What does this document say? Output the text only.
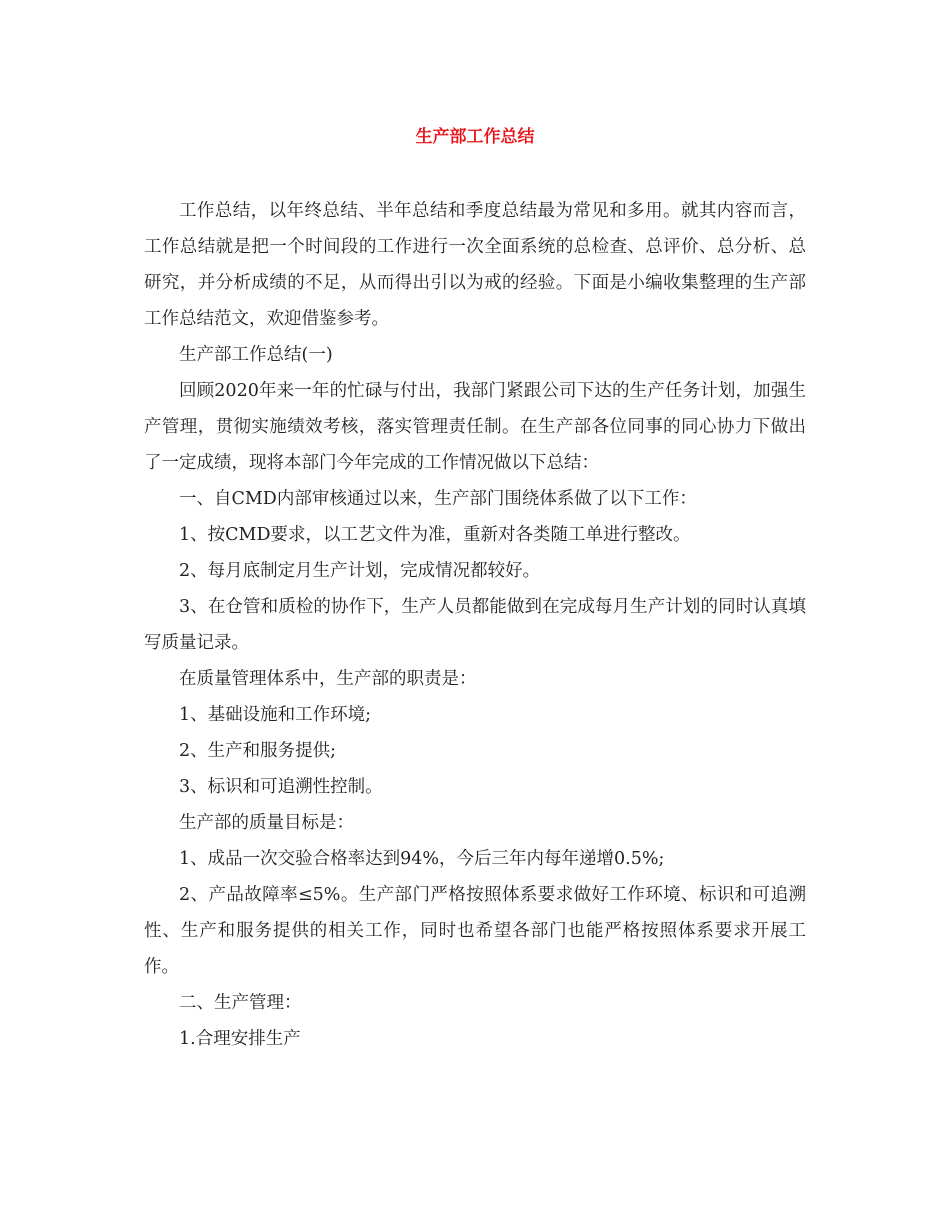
生产部工作总结

工作总结，以年终总结、半年总结和季度总结最为常见和多用。就其内容而言，工作总结就是把一个时间段的工作进行一次全面系统的总检查、总评价、总分析、总研究，并分析成绩的不足，从而得出引以为戒的经验。下面是小编收集整理的生产部工作总结范文，欢迎借鉴参考。

生产部工作总结(一)

回顾2020年来一年的忙碌与付出，我部门紧跟公司下达的生产任务计划，加强生产管理，贯彻实施绩效考核，落实管理责任制。在生产部各位同事的同心协力下做出了一定成绩，现将本部门今年完成的工作情况做以下总结：

一、自CMD内部审核通过以来，生产部门围绕体系做了以下工作：

1、按CMD要求，以工艺文件为准，重新对各类随工单进行整改。

2、每月底制定月生产计划，完成情况都较好。

3、在仓管和质检的协作下，生产人员都能做到在完成每月生产计划的同时认真填写质量记录。

在质量管理体系中，生产部的职责是：

1、基础设施和工作环境;

2、生产和服务提供;

3、标识和可追溯性控制。

生产部的质量目标是：

1、成品一次交验合格率达到94%，今后三年内每年递增0.5%;

2、产品故障率≤5%。生产部门严格按照体系要求做好工作环境、标识和可追溯性、生产和服务提供的相关工作，同时也希望各部门也能严格按照体系要求开展工作。

二、生产管理：

1.合理安排生产
